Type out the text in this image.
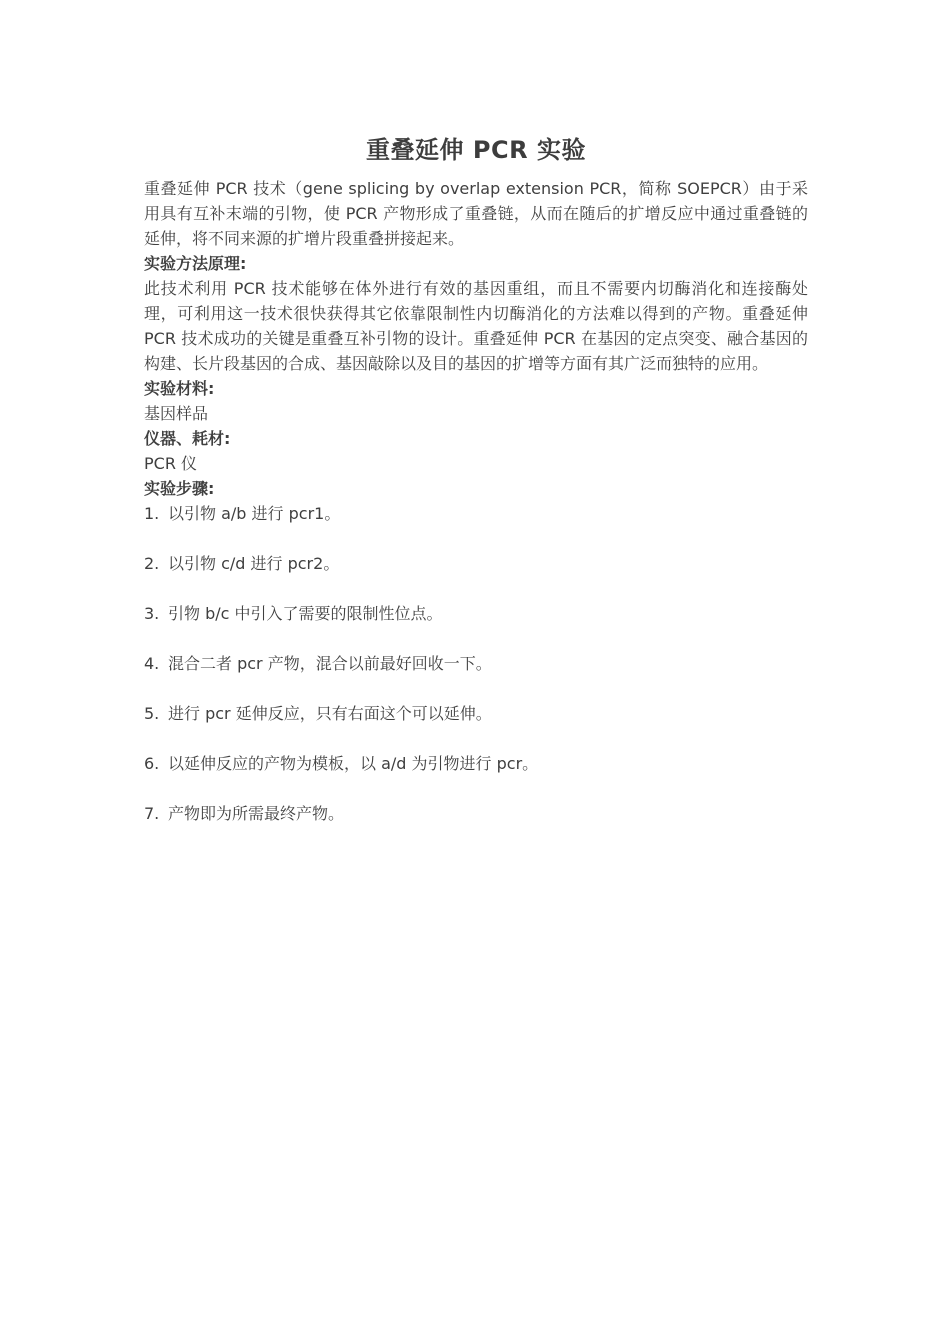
重叠延伸 PCR 实验

重叠延伸 PCR 技术（gene splicing by overlap extension PCR，简称 SOEPCR）由于采用具有互补末端的引物，使 PCR 产物形成了重叠链，从而在随后的扩增反应中通过重叠链的延伸，将不同来源的扩增片段重叠拼接起来。

实验方法原理:

此技术利用 PCR 技术能够在体外进行有效的基因重组，而且不需要内切酶消化和连接酶处理，可利用这一技术很快获得其它依靠限制性内切酶消化的方法难以得到的产物。重叠延伸 PCR 技术成功的关键是重叠互补引物的设计。重叠延伸 PCR 在基因的定点突变、融合基因的构建、长片段基因的合成、基因敲除以及目的基因的扩增等方面有其广泛而独特的应用。

实验材料:

基因样品

仪器、耗材:

PCR 仪

实验步骤:

1. 以引物 a/b 进行 pcr1。
2. 以引物 c/d 进行 pcr2。
3. 引物 b/c 中引入了需要的限制性位点。
4. 混合二者 pcr 产物，混合以前最好回收一下。
5. 进行 pcr 延伸反应，只有右面这个可以延伸。
6. 以延伸反应的产物为模板，以 a/d 为引物进行 pcr。
7. 产物即为所需最终产物。
